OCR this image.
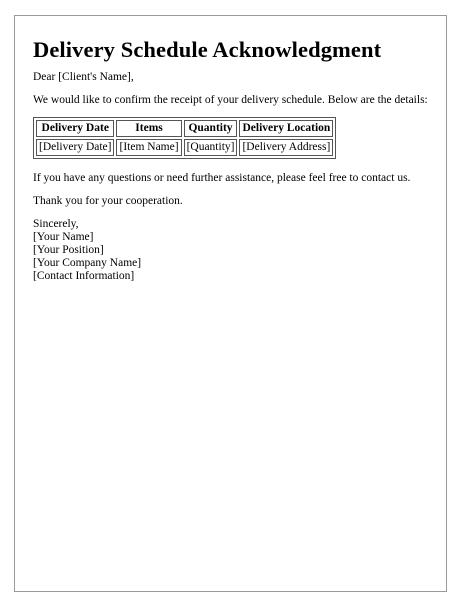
Delivery Schedule Acknowledgment

Dear [Client's Name],

We would like to confirm the receipt of your delivery schedule. Below are the details:

Delivery Date	Items	Quantity	Delivery Location
[Delivery Date]	[Item Name]	[Quantity]	[Delivery Address]

If you have any questions or need further assistance, please feel free to contact us.

Thank you for your cooperation.

Sincerely,

[Your Name]

[Your Position]

[Your Company Name]

[Contact Information]
